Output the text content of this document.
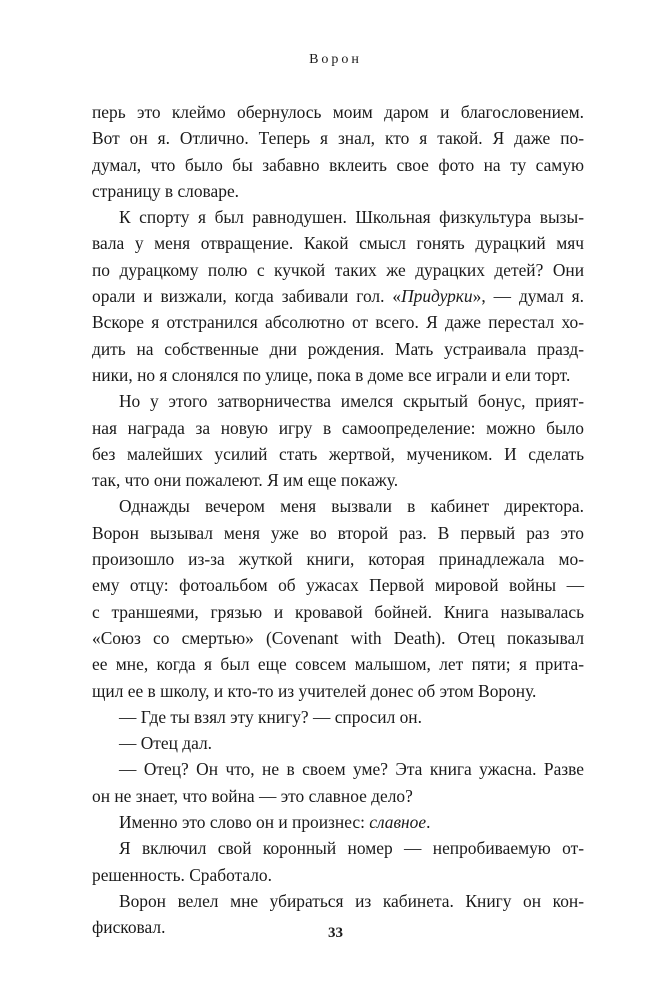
Ворон
перь это клеймо обернулось моим даром и благословением.
Вот он я. Отлично. Теперь я знал, кто я такой. Я даже по-
думал, что было бы забавно вклеить свое фото на ту самую
страницу в словаре.
К спорту я был равнодушен. Школьная физкультура вызы-
вала у меня отвращение. Какой смысл гонять дурацкий мяч
по дурацкому полю с кучкой таких же дурацких детей? Они
орали и визжали, когда забивали гол. «Придурки», — думал я.
Вскоре я отстранился абсолютно от всего. Я даже перестал хо-
дить на собственные дни рождения. Мать устраивала празд-
ники, но я слонялся по улице, пока в доме все играли и ели торт.
Но у этого затворничества имелся скрытый бонус, прият-
ная награда за новую игру в самоопределение: можно было
без малейших усилий стать жертвой, мучеником. И сделать
так, что они пожалеют. Я им еще покажу.
Однажды вечером меня вызвали в кабинет директора.
Ворон вызывал меня уже во второй раз. В первый раз это
произошло из-за жуткой книги, которая принадлежала мо-
ему отцу: фотоальбом об ужасах Первой мировой войны —
с траншеями, грязью и кровавой бойней. Книга называлась
«Союз со смертью» (Covenant with Death). Отец показывал
ее мне, когда я был еще совсем малышом, лет пяти; я прита-
щил ее в школу, и кто-то из учителей донес об этом Ворону.
— Где ты взял эту книгу? — спросил он.
— Отец дал.
— Отец? Он что, не в своем уме? Эта книга ужасна. Разве
он не знает, что война — это славное дело?
Именно это слово он и произнес: славное.
Я включил свой коронный номер — непробиваемую от-
решенность. Сработало.
Ворон велел мне убираться из кабинета. Книгу он кон-
фисковал.	33
